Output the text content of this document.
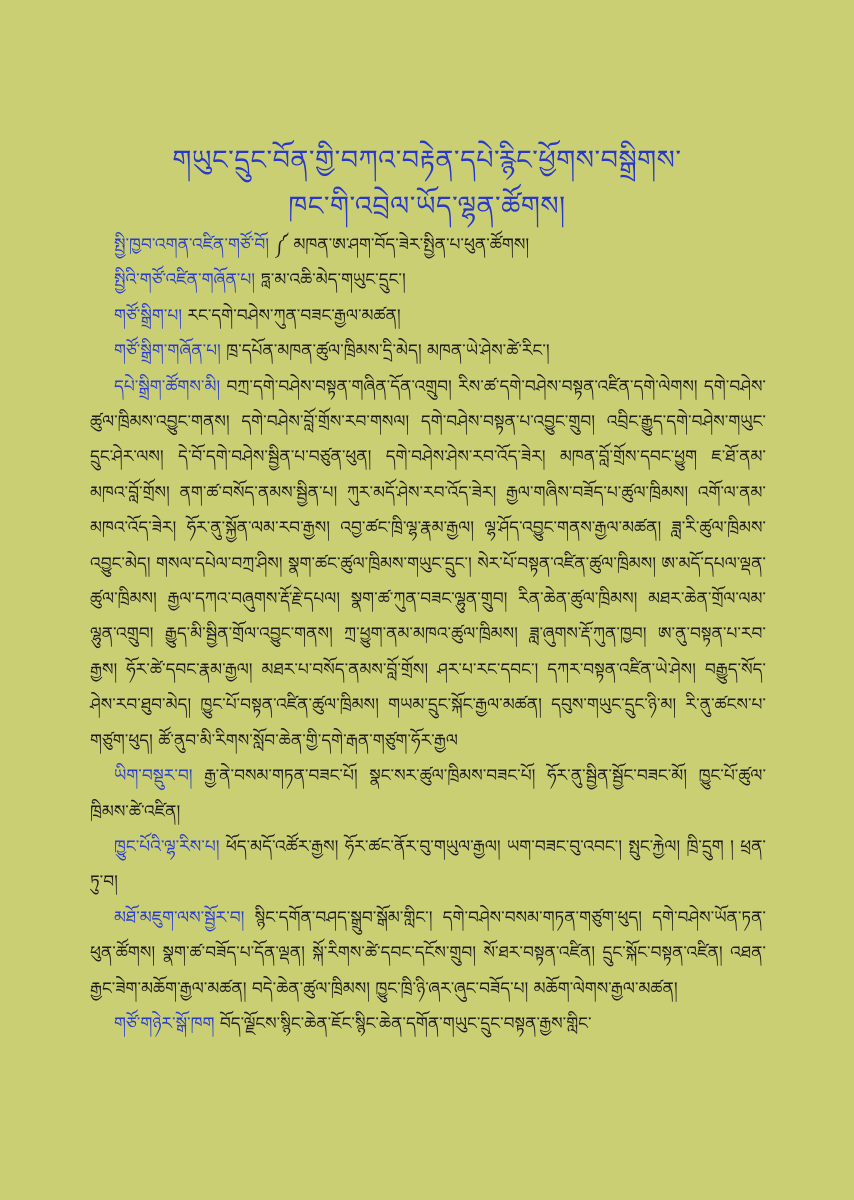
གཡུང་དྲུང་བོན་གྱི་བཀའ་བརྟེན་དཔེ་རྙིང་ཕྱོགས་བསྒྲིགས་
ཁང་གི་འབྲེལ་ཡོད་ལྷན་ཚོགས།

སྤྱི་ཁྱབ་འགན་འཛིན་གཙོ་བོ། ༼ མཁན་ཨ་ཤག་བོད་ཟེར་སྤྱིན་པ་ཕུན་ཚོགས།

སྤྱིའི་གཙོ་འཛིན་གཞོན་པ། ཏླ་མ་འཆི་མེད་གཡུང་དྲུང་།

གཙོ་སྒྲིག་པ། རང་དགེ་བཤེས་ཀུན་བཟང་རྒྱལ་མཚན།

གཙོ་སྒྲིག་གཞོན་པ། ཁྲ་དཔོན་མཁན་ཚུལ་ཁྲིམས་དྲི་མེད། མཁན་ཡེ་ཤེས་ཚེ་རིང་།

དཔེ་སྒྲིག་ཚོགས་མི། བཀྲ་དགེ་བཤེས་བསྟན་གཞིན་དོན་འགྲུབ། རིས་ཚ་དགེ་བཤེས་བསྟན་འཛིན་དགེ་ལེགས། དགེ་བཤེས་ཚུལ་ཁྲིམས་འབྱུང་གནས། དགེ་བཤེས་བློ་གྲོས་རབ་གསལ། དགེ་བཤེས་བསྟན་པ་འབྱུང་གྲུབ། འབྲིང་རྒྱུད་དགེ་བཤེས་གཡུང་དྲུང་ཤེར་ལས། དེ་བོ་དགེ་བཤེས་སྦྱིན་པ་བཙུན་ཕུན། དགེ་བཤེས་ཤེས་རབ་འོད་ཟེར། མཁན་བློ་གྲོས་དབང་ཕྱུག ཇ་ཐོ་ནམ་མཁའ་བློ་གྲོས། ནག་ཚ་བསོད་ནམས་སྦྱིན་པ། ཀུར་མདོ་ཤེས་རབ་འོད་ཟེར། རྒྱལ་གཞིས་བཟོད་པ་ཚུལ་ཁྲིམས། འགོ་ལ་ནམ་མཁའ་འོད་ཟེར། ཧོར་ནུ་སྐྱོན་ལམ་རབ་རྒྱས། འབྱ་ཚང་ཁྲི་ལྷ་རྣམ་རྒྱལ། ལྷ་ཤོད་འབྱུང་གནས་རྒྱལ་མཚན། ཟླ་རི་ཚུལ་ཁྲིམས་འབྱུང་མེད། གསལ་དཔེལ་བཀྲ་ཤིས། སྣག་ཚང་ཚུལ་ཁྲིམས་གཡུང་དྲུང་། སེར་པོ་བསྟན་འཛིན་ཚུལ་ཁྲིམས། ཨ་མདོ་དཔལ་ལྡན་ཚུལ་ཁྲིམས། རྒྱལ་དཀའ་བཞུགས་རྡོ་རྗེ་དཔལ། སྣག་ཚ་ཀུན་བཟང་ལྷུན་གྲུབ། རིན་ཆེན་ཚུལ་ཁྲིམས། མཐར་ཆེན་གྲོལ་ལམ་ལྷུན་འགྲུབ། རྒྱུད་མི་སྦྱིན་གྲོལ་འབྱུང་གནས། ཀྲ་ཕྱུག་ནམ་མཁའ་ཚུལ་ཁྲིམས། ཟླ་ཞུགས་རྡོ་ཀུན་ཁྱབ། ཨ་ནུ་བསྟན་པ་རབ་རྒྱས། ཧོར་ཚེ་དབང་རྣམ་རྒྱལ། མཐར་པ་བསོད་ནམས་བློ་གྲོས། ཤར་པ་རང་དབང་། དཀར་བསྟན་འཛིན་ཡེ་ཤེས། བརྒྱུད་སོད་ཤེས་རབ་ཐུབ་མེད། ཁྱུང་པོ་བསྟན་འཛིན་ཚུལ་ཁྲིམས། གཡམ་དྲུང་སྐོང་རྒྱལ་མཚན། དབུས་གཡུང་དྲུང་ཉི་མ། རི་ནུ་ཚངས་པ་གཙུག་ཕུད། ཚོ་ནུབ་མི་རིགས་སློབ་ཆེན་གྱི་དགེ་རྒན་གཙུག་ཧོར་རྒྱལ

ཡིག་བསྡུར་བ། རྒྱ་ནེ་བསམ་གཏན་བཟང་པོ། སྣང་སར་ཚུལ་ཁྲིམས་བཟང་པོ། ཧོར་ནུ་སྦྱིན་སྦྱོང་བཟང་མོ། ཁྱུང་པོ་ཚུལ་ཁྲིམས་ཚེ་འཛིན།

ཁྱུང་པོའི་ལྷ་རིས་པ། ཕོད་མདོ་འཚོར་རྒྱས། ཧོར་ཚང་ནོར་བུ་གཡུལ་རྒྱལ། ཡག་བཟང་བུ་འབང་། སྤུང་རྐྱེལ། ཁྲི་དྲུག ། ཕྲན་ཏུ་བ།

མཐོ་མཇུག་ལས་སྦྱོར་བ། སྙིང་དགོན་བཤད་སྒྲུབ་སྒོམ་གླིང་། དགེ་བཤེས་བསམ་གཏན་གཙུག་ཕུད། དགེ་བཤེས་ཡོན་ཏན་ཕུན་ཚོགས། སྣག་ཚ་བཟོད་པ་དོན་ལྡན། སྐོ་རིགས་ཚེ་དབང་དངོས་གྲུབ། སོ་ཐར་བསྟན་འཛིན། དྲུང་སྐོང་བསྟན་འཛིན། འཐན་རྒྱང་ཟེག་མཆོག་རྒྱལ་མཚན། བདེ་ཆེན་ཚུལ་ཁྲིམས། ཁྱུང་ཁྲི་ཉི་ཞར་ཞུང་བཟོད་པ། མཆོག་ལེགས་རྒྱལ་མཚན།

གཙོ་གཉེར་སྒོ་ཁག བོད་ལྗོངས་སྙིང་ཆེན་ཇོང་སྙིང་ཆེན་དགོན་གཡུང་དྲུང་བསྟན་རྒྱས་གླིང་
